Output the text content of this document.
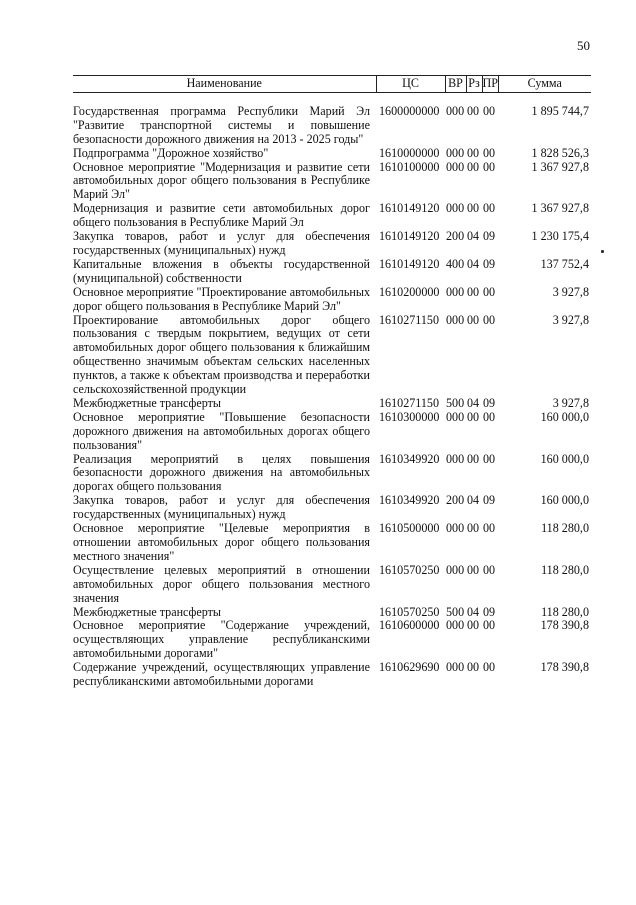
50
Наименование	ЦС	ВР	Рз	ПР	Сумма
Государственная программа Республики Марий Эл "Развитие транспортной системы и повышение безопасности дорожного движения на 2013 - 2025 годы"	1600000000	000	00	00	1 895 744,7
Подпрограмма "Дорожное хозяйство"	1610000000	000	00	00	1 828 526,3
Основное мероприятие "Модернизация и развитие сети автомобильных дорог общего пользования в Республике Марий Эл"	1610100000	000	00	00	1 367 927,8
Модернизация и развитие сети автомобильных дорог общего пользования в Республике Марий Эл	1610149120	000	00	00	1 367 927,8
Закупка товаров, работ и услуг для обеспечения государственных (муниципальных) нужд	1610149120	200	04	09	1 230 175,4
Капитальные вложения в объекты государственной (муниципальной) собственности	1610149120	400	04	09	137 752,4
Основное мероприятие "Проектирование автомобильных дорог общего пользования в Республике Марий Эл"	1610200000	000	00	00	3 927,8
Проектирование автомобильных дорог общего пользования с твердым покрытием, ведущих от сети автомобильных дорог общего пользования к ближайшим общественно значимым объектам сельских населенных пунктов, а также к объектам производства и переработки сельскохозяйственной продукции	1610271150	000	00	00	3 927,8
Межбюджетные трансферты	1610271150	500	04	09	3 927,8
Основное мероприятие "Повышение безопасности дорожного движения на автомобильных дорогах общего пользования"	1610300000	000	00	00	160 000,0
Реализация мероприятий в целях повышения безопасности дорожного движения на автомобильных дорогах общего пользования	1610349920	000	00	00	160 000,0
Закупка товаров, работ и услуг для обеспечения государственных (муниципальных) нужд	1610349920	200	04	09	160 000,0
Основное мероприятие "Целевые мероприятия в отношении автомобильных дорог общего пользования местного значения"	1610500000	000	00	00	118 280,0
Осуществление целевых мероприятий в отношении автомобильных дорог общего пользования местного значения	1610570250	000	00	00	118 280,0
Межбюджетные трансферты	1610570250	500	04	09	118 280,0
Основное мероприятие "Содержание учреждений, осуществляющих управление республиканскими автомобильными дорогами"	1610600000	000	00	00	178 390,8
Содержание учреждений, осуществляющих управление республиканскими автомобильными дорогами	1610629690	000	00	00	178 390,8
